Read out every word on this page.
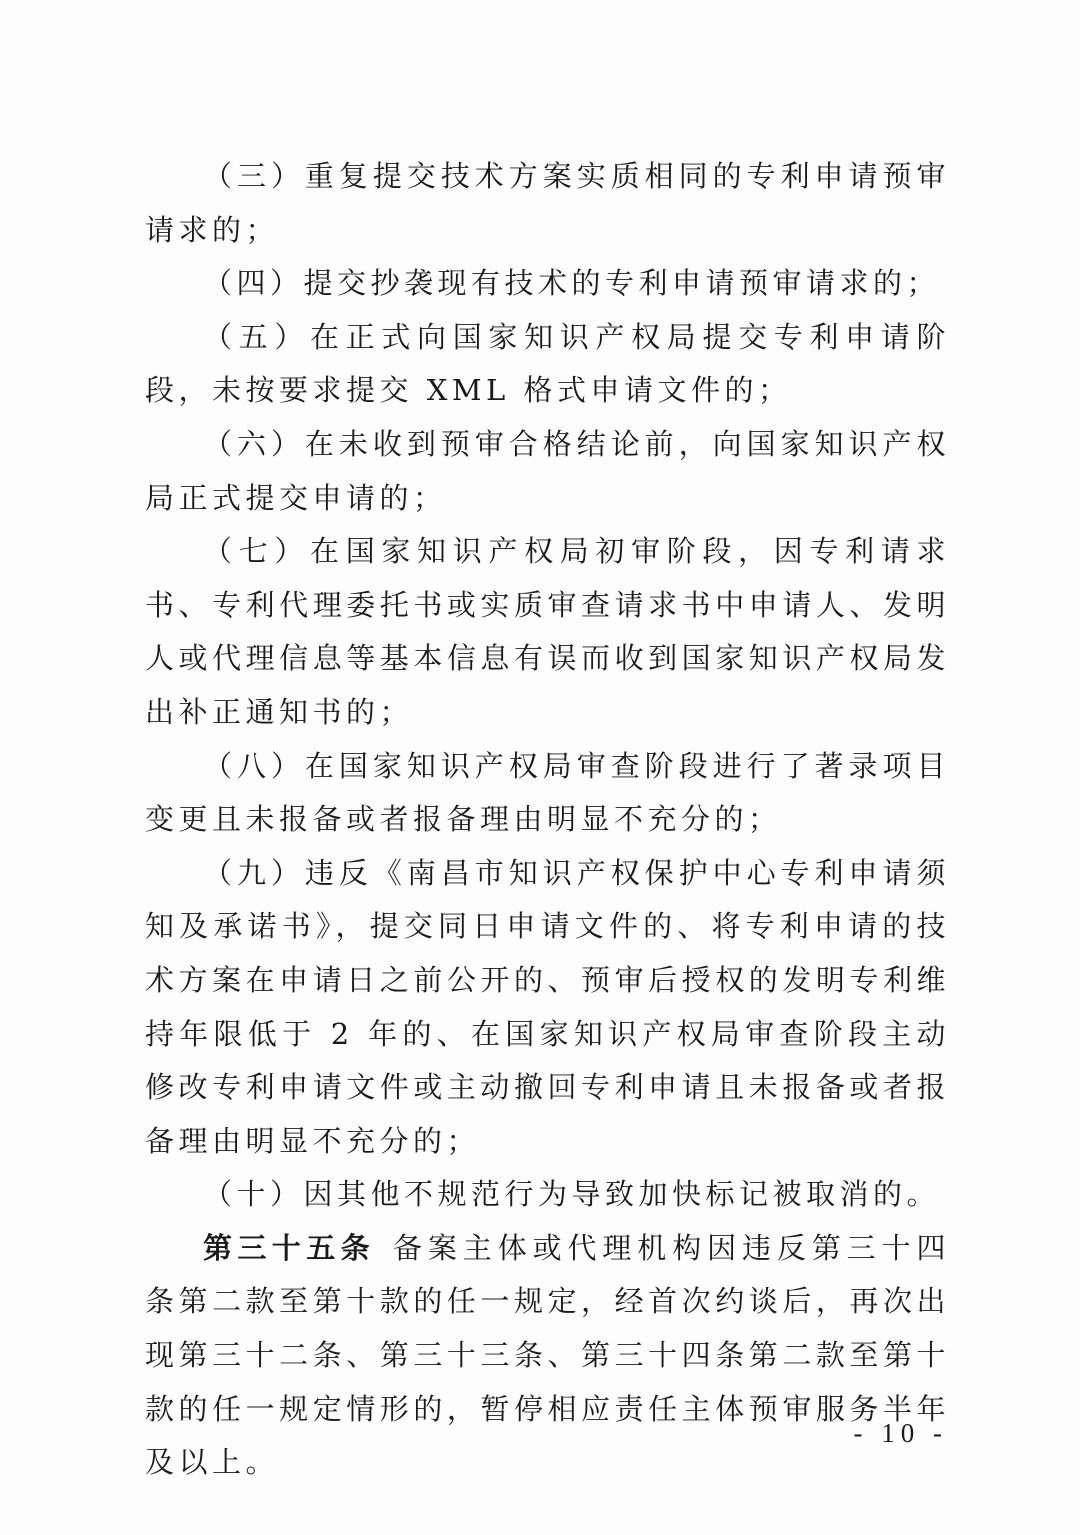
（三）重复提交技术方案实质相同的专利申请预审请求的；

（四）提交抄袭现有技术的专利申请预审请求的；

（五）在正式向国家知识产权局提交专利申请阶段，未按要求提交 XML 格式申请文件的；

（六）在未收到预审合格结论前，向国家知识产权局正式提交申请的；

（七）在国家知识产权局初审阶段，因专利请求书、专利代理委托书或实质审查请求书中申请人、发明人或代理信息等基本信息有误而收到国家知识产权局发出补正通知书的；

（八）在国家知识产权局审查阶段进行了著录项目变更且未报备或者报备理由明显不充分的；

（九）违反《南昌市知识产权保护中心专利申请须知及承诺书》，提交同日申请文件的、将专利申请的技术方案在申请日之前公开的、预审后授权的发明专利维持年限低于 2 年的、在国家知识产权局审查阶段主动修改专利申请文件或主动撤回专利申请且未报备或者报备理由明显不充分的；

（十）因其他不规范行为导致加快标记被取消的。

第三十五条 备案主体或代理机构因违反第三十四条第二款至第十款的任一规定，经首次约谈后，再次出现第三十二条、第三十三条、第三十四条第二款至第十款的任一规定情形的，暂停相应责任主体预审服务半年及以上。

- 10 -
